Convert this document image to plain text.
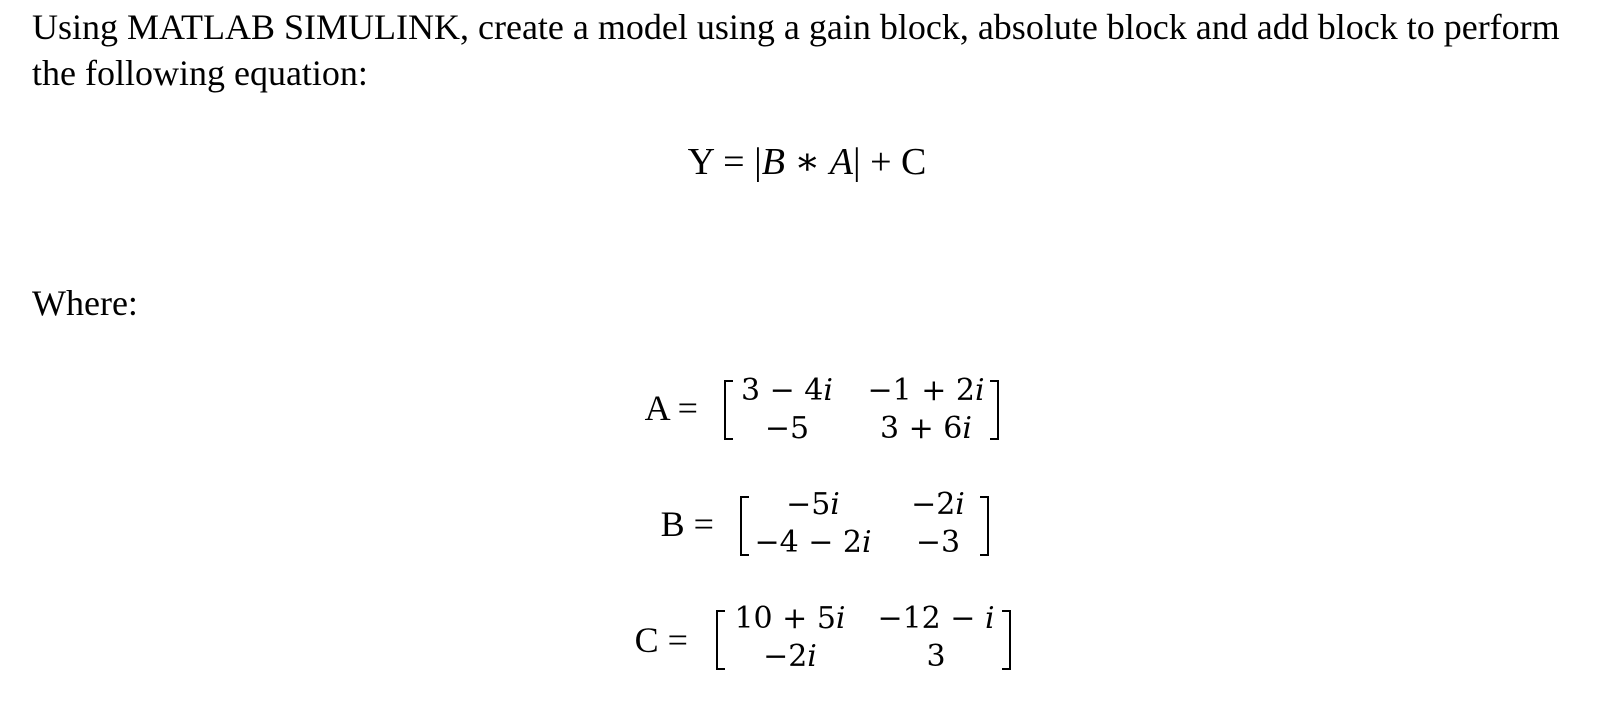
Using MATLAB SIMULINK, create a model using a gain block, absolute block and add block to perform the following equation:

Y = |B ∗ A| + C
Where:
A =	3 − 4𝑖	−1 + 2𝑖
−5	3 + 6𝑖
B =	−5𝑖	−2𝑖
−4 − 2𝑖	−3
C =
10 + 5𝑖	−12 − 𝑖
−2𝑖	3
